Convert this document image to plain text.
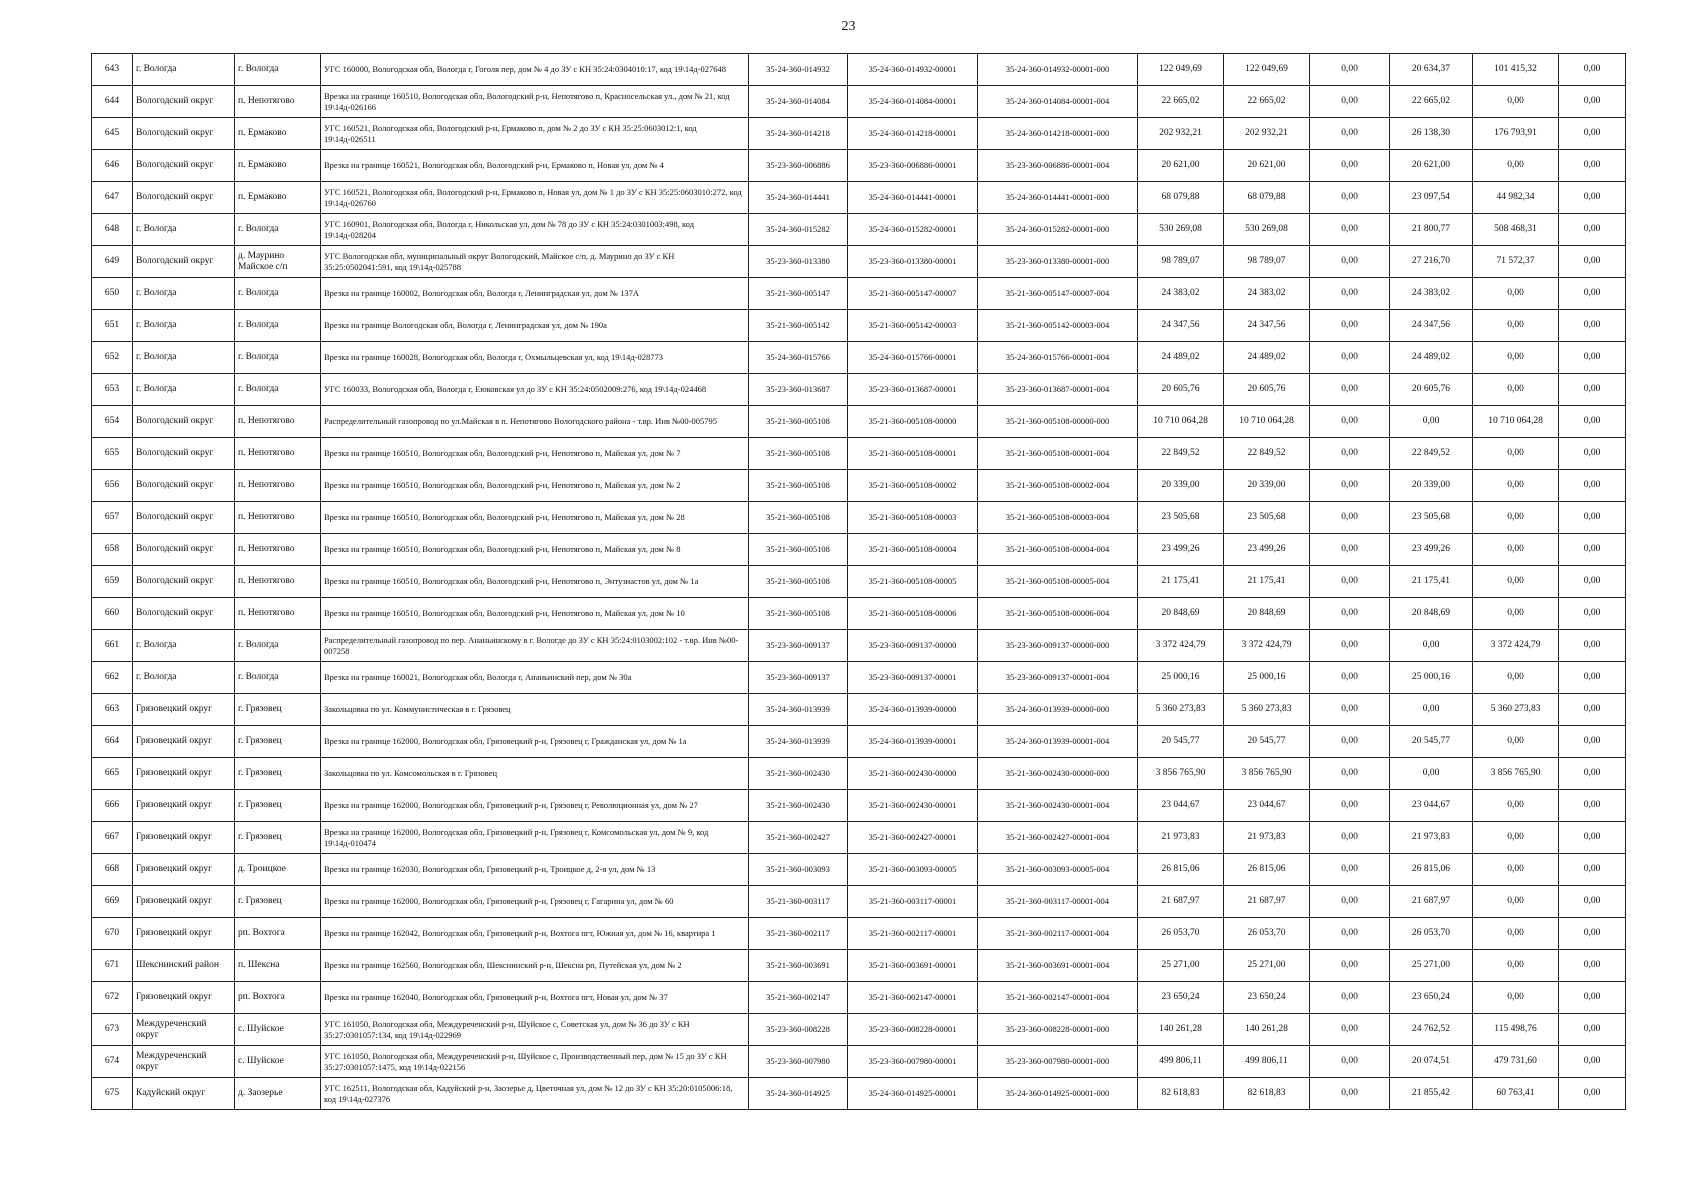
23
643	г. Вологда	г. Вологда	УГС 160000, Вологодская обл, Вологда г, Гоголя пер, дом № 4 до ЗУ с КН 35:24:0304010:17, код 19\14д-027648	35-24-360-014932	35-24-360-014932-00001	35-24-360-014932-00001-000	122 049,69	122 049,69	0,00	20 634,37	101 415,32	0,00
644	Вологодский округ	п. Непотягово	Врезка на границе 160510, Вологодская обл, Вологодский р-н, Непотягово п, Красносельская ул., дом № 21, код 19\14д-026166	35-24-360-014084	35-24-360-014084-00001	35-24-360-014084-00001-004	22 665,02	22 665,02	0,00	22 665,02	0,00	0,00
645	Вологодский округ	п. Ермаково	УГС 160521, Вологодская обл, Вологодский р-н, Ермаково п, дом № 2 до ЗУ с КН 35:25:0603012:1, код 19\14д-026511	35-24-360-014218	35-24-360-014218-00001	35-24-360-014218-00001-000	202 932,21	202 932,21	0,00	26 138,30	176 793,91	0,00
646	Вологодский округ	п. Ермаково	Врезка на границе 160521, Вологодская обл, Вологодский р-н, Ермаково п, Новая ул, дом № 4	35-23-360-006886	35-23-360-006886-00001	35-23-360-006886-00001-004	20 621,00	20 621,00	0,00	20 621,00	0,00	0,00
647	Вологодский округ	п. Ермаково	УГС 160521, Вологодская обл, Вологодский р-н, Ермаково п, Новая ул, дом № 1 до ЗУ с КН 35:25:0603010:272, код 19\14д-026760	35-24-360-014441	35-24-360-014441-00001	35-24-360-014441-00001-000	68 079,88	68 079,88	0,00	23 097,54	44 982,34	0,00
648	г. Вологда	г. Вологда	УГС 160901, Вологодская обл, Вологда г, Никольская ул, дом № 78 до ЗУ с КН 35:24:0301003:498, код 19\14д-028204	35-24-360-015282	35-24-360-015282-00001	35-24-360-015282-00001-000	530 269,08	530 269,08	0,00	21 800,77	508 468,31	0,00
649	Вологодский округ	д. Маурино Майское с/п	УГС Вологодская обл, муниципальный округ Вологодский, Майское с/п, д. Маурино до ЗУ с КН 35:25:0502041:591, код 19\14д-025788	35-23-360-013380	35-23-360-013380-00001	35-23-360-013380-00001-000	98 789,07	98 789,07	0,00	27 216,70	71 572,37	0,00
650	г. Вологда	г. Вологда	Врезка на границе 160002, Вологодская обл, Вологда г, Ленинградская ул, дом № 137А	35-21-360-005147	35-21-360-005147-00007	35-21-360-005147-00007-004	24 383,02	24 383,02	0,00	24 383,02	0,00	0,00
651	г. Вологда	г. Вологда	Врезка на границе Вологодская обл, Вологда г, Ленинградская ул, дом № 190а	35-21-360-005142	35-21-360-005142-00003	35-21-360-005142-00003-004	24 347,56	24 347,56	0,00	24 347,56	0,00	0,00
652	г. Вологда	г. Вологда	Врезка на границе 160028, Вологодская обл, Вологда г, Охмыльцевская ул, код 19\14д-028773	35-24-360-015766	35-24-360-015766-00001	35-24-360-015766-00001-004	24 489,02	24 489,02	0,00	24 489,02	0,00	0,00
653	г. Вологда	г. Вологда	УГС 160033, Вологодская обл, Вологда г, Еюковская ул до ЗУ с КН 35:24:0502009:276, код 19\14д-024468	35-23-360-013687	35-23-360-013687-00001	35-23-360-013687-00001-004	20 605,76	20 605,76	0,00	20 605,76	0,00	0,00
654	Вологодский округ	п. Непотягово	Распределительный газопровод по ул.Майская в п. Непотягово Вологодского района - т.вр. Инв №00-005795	35-21-360-005108	35-21-360-005108-00000	35-21-360-005108-00000-000	10 710 064,28	10 710 064,28	0,00	0,00	10 710 064,28	0,00
655	Вологодский округ	п. Непотягово	Врезка на границе 160510, Вологодская обл, Вологодский р-н, Непотягово п, Майская ул, дом № 7	35-21-360-005108	35-21-360-005108-00001	35-21-360-005108-00001-004	22 849,52	22 849,52	0,00	22 849,52	0,00	0,00
656	Вологодский округ	п. Непотягово	Врезка на границе 160510, Вологодская обл, Вологодский р-н, Непотягово п, Майская ул, дом № 2	35-21-360-005108	35-21-360-005108-00002	35-21-360-005108-00002-004	20 339,00	20 339,00	0,00	20 339,00	0,00	0,00
657	Вологодский округ	п. Непотягово	Врезка на границе 160510, Вологодская обл, Вологодский р-н, Непотягово п, Майская ул, дом № 28	35-21-360-005108	35-21-360-005108-00003	35-21-360-005108-00003-004	23 505,68	23 505,68	0,00	23 505,68	0,00	0,00
658	Вологодский округ	п. Непотягово	Врезка на границе 160510, Вологодская обл, Вологодский р-н, Непотягово п, Майская ул, дом № 8	35-21-360-005108	35-21-360-005108-00004	35-21-360-005108-00004-004	23 499,26	23 499,26	0,00	23 499,26	0,00	0,00
659	Вологодский округ	п. Непотягово	Врезка на границе 160510, Вологодская обл, Вологодский р-н, Непотягово п, Энтузиастов ул, дом № 1а	35-21-360-005108	35-21-360-005108-00005	35-21-360-005108-00005-004	21 175,41	21 175,41	0,00	21 175,41	0,00	0,00
660	Вологодский округ	п. Непотягово	Врезка на границе 160510, Вологодская обл, Вологодский р-н, Непотягово п, Майская ул, дом № 10	35-21-360-005108	35-21-360-005108-00006	35-21-360-005108-00006-004	20 848,69	20 848,69	0,00	20 848,69	0,00	0,00
661	г. Вологда	г. Вологда	Распределительный газопровод по пер. Ананьинскому в г. Вологде до ЗУ с КН 35:24:0103002:102 - т.вр. Инв №00-007258	35-23-360-009137	35-23-360-009137-00000	35-23-360-009137-00000-000	3 372 424,79	3 372 424,79	0,00	0,00	3 372 424,79	0,00
662	г. Вологда	г. Вологда	Врезка на границе 160021, Вологодская обл, Вологда г, Ананьинский пер, дом № 30а	35-23-360-009137	35-23-360-009137-00001	35-23-360-009137-00001-004	25 000,16	25 000,16	0,00	25 000,16	0,00	0,00
663	Грязовецкий округ	г. Грязовец	Закольцовка по ул. Коммунистическая в г. Грязовец	35-24-360-013939	35-24-360-013939-00000	35-24-360-013939-00000-000	5 360 273,83	5 360 273,83	0,00	0,00	5 360 273,83	0,00
664	Грязовецкий округ	г. Грязовец	Врезка на границе 162000, Вологодская обл, Грязовецкий р-н, Грязовец г, Гражданская ул, дом № 1а	35-24-360-013939	35-24-360-013939-00001	35-24-360-013939-00001-004	20 545,77	20 545,77	0,00	20 545,77	0,00	0,00
665	Грязовецкий округ	г. Грязовец	Закольцовка по ул. Комсомольская в г. Грязовец	35-21-360-002430	35-21-360-002430-00000	35-21-360-002430-00000-000	3 856 765,90	3 856 765,90	0,00	0,00	3 856 765,90	0,00
666	Грязовецкий округ	г. Грязовец	Врезка на границе 162000, Вологодская обл, Грязовецкий р-н, Грязовец г, Революционная ул, дом № 27	35-21-360-002430	35-21-360-002430-00001	35-21-360-002430-00001-004	23 044,67	23 044,67	0,00	23 044,67	0,00	0,00
667	Грязовецкий округ	г. Грязовец	Врезка на границе 162000, Вологодская обл, Грязовецкий р-н, Грязовец г, Комсомольская ул, дом № 9, код 19\14д-010474	35-21-360-002427	35-21-360-002427-00001	35-21-360-002427-00001-004	21 973,83	21 973,83	0,00	21 973,83	0,00	0,00
668	Грязовецкий округ	д. Троицкое	Врезка на границе 162030, Вологодская обл, Грязовецкий р-н, Троицкое д, 2-я ул, дом № 13	35-21-360-003093	35-21-360-003093-00005	35-21-360-003093-00005-004	26 815,06	26 815,06	0,00	26 815,06	0,00	0,00
669	Грязовецкий округ	г. Грязовец	Врезка на границе 162000, Вологодская обл, Грязовецкий р-н, Грязовец г, Гагарина ул, дом № 60	35-21-360-003117	35-21-360-003117-00001	35-21-360-003117-00001-004	21 687,97	21 687,97	0,00	21 687,97	0,00	0,00
670	Грязовецкий округ	рп. Вохтога	Врезка на границе 162042, Вологодская обл, Грязовецкий р-н, Вохтога пгт, Южная ул, дом № 16, квартира 1	35-21-360-002117	35-21-360-002117-00001	35-21-360-002117-00001-004	26 053,70	26 053,70	0,00	26 053,70	0,00	0,00
671	Шекснинский район	п. Шексна	Врезка на границе 162560, Вологодская обл, Шекснинский р-н, Шексна рп, Путейская ул, дом № 2	35-21-360-003691	35-21-360-003691-00001	35-21-360-003691-00001-004	25 271,00	25 271,00	0,00	25 271,00	0,00	0,00
672	Грязовецкий округ	рп. Вохтога	Врезка на границе 162040, Вологодская обл, Грязовецкий р-н, Вохтога пгт, Новая ул, дом № 37	35-21-360-002147	35-21-360-002147-00001	35-21-360-002147-00001-004	23 650,24	23 650,24	0,00	23 650,24	0,00	0,00
673	Междуреченский округ	с. Шуйское	УГС 161050, Вологодская обл, Междуреченский р-н, Шуйское с, Советская ул, дом № 36 до ЗУ с КН 35:27:0301057:134, код 19\14д-022969	35-23-360-008228	35-23-360-008228-00001	35-23-360-008228-00001-000	140 261,28	140 261,28	0,00	24 762,52	115 498,76	0,00
674	Междуреченский округ	с. Шуйское	УГС 161050, Вологодская обл, Междуреченский р-н, Шуйское с, Производственный пер, дом № 15 до ЗУ с КН 35:27:0301057:1475, код 19\14д-022156	35-23-360-007980	35-23-360-007980-00001	35-23-360-007980-00001-000	499 806,11	499 806,11	0,00	20 074,51	479 731,60	0,00
675	Кадуйский округ	д. Заозерье	УГС 162511, Вологодская обл, Кадуйский р-н, Заозерье д, Цветочная ул, дом № 12 до ЗУ с КН 35:20:0105006:18, код 19\14д-027376	35-24-360-014925	35-24-360-014925-00001	35-24-360-014925-00001-000	82 618,83	82 618,83	0,00	21 855,42	60 763,41	0,00
